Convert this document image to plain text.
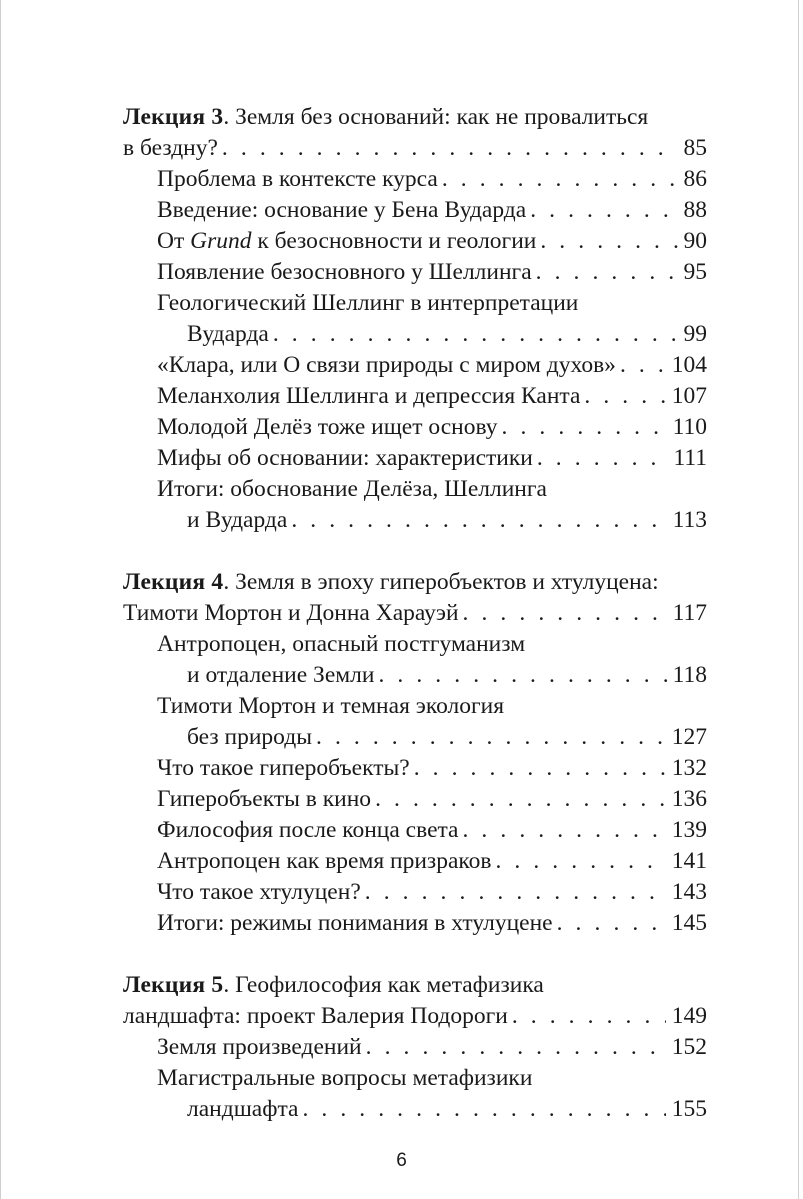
Лекция 3 . Земля без оснований: как не провалиться
в бездну? . . .	85
Проблема в контексте курса . . .	86
Введение: основание у Бена Вударда . . .	88
От Grund к безосновности и геологии . . .	90
Появление безосновного у Шеллинга . . .	95
Геологический Шеллинг в интерпретации
Вударда . . .	99
«Клара, или О связи природы с миром духов» . . . 104
Меланхолия Шеллинга и депрессия Канта . . .	107
Молодой Делёз тоже ищет основу . . .	110
Мифы об основании: характеристики . . .	111
Итоги: обоснование Делёза, Шеллинга
и Вударда . . .	113
Лекция 4 . Земля в эпоху гиперобъектов и хтулуцена:
Тимоти Мортон и Донна Харауэй . . .	117
Антропоцен, опасный постгуманизм
и отдаление Земли . . .	118
Тимоти Мортон и темная экология
без природы . . .	127
Что такое гиперобъекты? . . .	132
Гиперобъекты в кино . . .	136
Философия после конца света . . .	139
Антропоцен как время призраков . . .	141
Что такое хтулуцен? . . .	143
Итоги: режимы понимания в хтулуцене . . .	145
Лекция 5 . Геофилософия как метафизика
ландшафта: проект Валерия Подороги . . .	149
Земля произведений . . .	152
Магистральные вопросы метафизики
ландшафта . . .	155
6
